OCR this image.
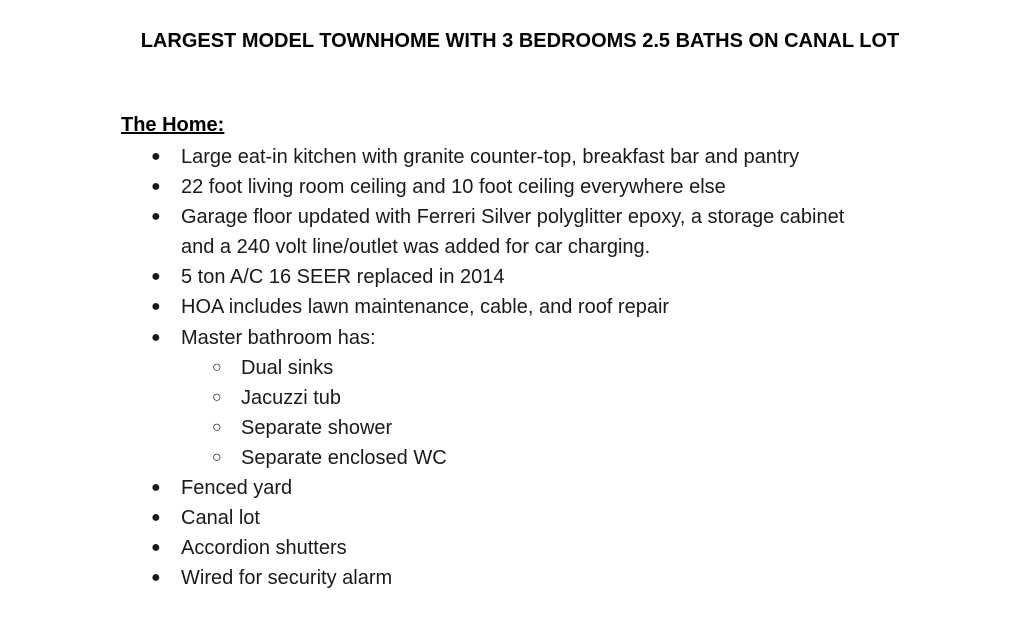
LARGEST MODEL TOWNHOME WITH 3 BEDROOMS 2.5 BATHS ON CANAL LOT
The Home:
● Large eat-in kitchen with granite counter-top, breakfast bar and pantry
● 22 foot living room ceiling and 10 foot ceiling everywhere else
● Garage floor updated with Ferreri Silver polyglitter epoxy, a storage cabinet
and a 240 volt line/outlet was added for car charging.
● 5 ton A/C 16 SEER replaced in 2014
● HOA includes lawn maintenance, cable, and roof repair
● Master bathroom has:
○ Dual sinks
○ Jacuzzi tub
○ Separate shower
○ Separate enclosed WC
● Fenced yard
● Canal lot
● Accordion shutters
● Wired for security alarm
